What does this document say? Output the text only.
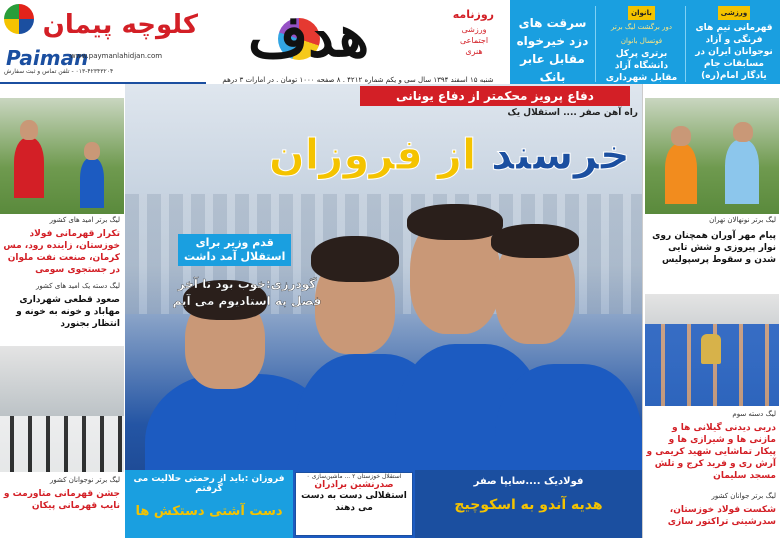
کلوچه پیمان
Paiman
www.paymanlahidjan.com
۰۱۳-۴۲۳۴۳۲۰۴ - تلفن تماس و ثبت سفارش
هدف	روزنامه
ورزشی اجتماعی هنری
شنبه ۱۵ اسفند ۱۳۹۴ سال سی و یکم شماره ۴۲۱۲ . ۸ صفحه ۱۰۰۰ تومان . در امارات ۳ درهم
ورزشی
قهرمانی تیم های فرنگی و آزاد نوجوانان ایران در مسابقات جام یادگار امام(ره)
بانوان
دور برگشت لیگ برتر فوتسال بانوان
برتری پرکل دانشگاه آزاد مقابل شهرداری
سرقت های دزد خیرخواه مقابل عابر بانک
دفاع پرویز محکمتر از دفاع یونانی
راه آهن صفر .... استقلال یک
خرسند از فروزان
قدم وزیر برای
استقلال آمد داشت
گودرزی:خوب بود تا آخر فصل به استادیوم می آیم
فروزان :باید از رحمتی حلالیت می گرفتم
دست آشتی دستکش ها
استقلال خوزستان ۲ ... ماشین‌سازی ۰
صدرنشین برادران
استقلالی دست به دست می دهند
فولادیک ....سایپا صفر
هدیه آندو به اسکوچیچ
لیگ برتر امید های کشور
تکرار قهرمانی فولاد خوزستان، زاینده رود، مس کرمان، صنعت نفت ملوان در جستجوی سومی
لیگ دسته یک امید های کشور
صعود قطعی شهرداری مهاباد و خونه به خونه و انتظار بجنورد
لیگ برتر نوجوانان کشور
جشن قهرمانی متاورمت و نایب قهرمانی پیکان
لیگ برتر نونهالان تهران
پیام مهر آوران همچنان روی نوار پیروزی و شش تایی شدن و سقوط پرسپولیس
لیگ دسته سوم
دربی دیدنی گیلانی ها و مازنی ها و شیرازی ها و پیکار تماشایی شهید کریمی و آرش ری و فرید کرج و تلش مسجد سلیمان
لیگ برتر جوانان کشور
شکست فولاد خوزستان، سدرشینی تراکتور سازی
